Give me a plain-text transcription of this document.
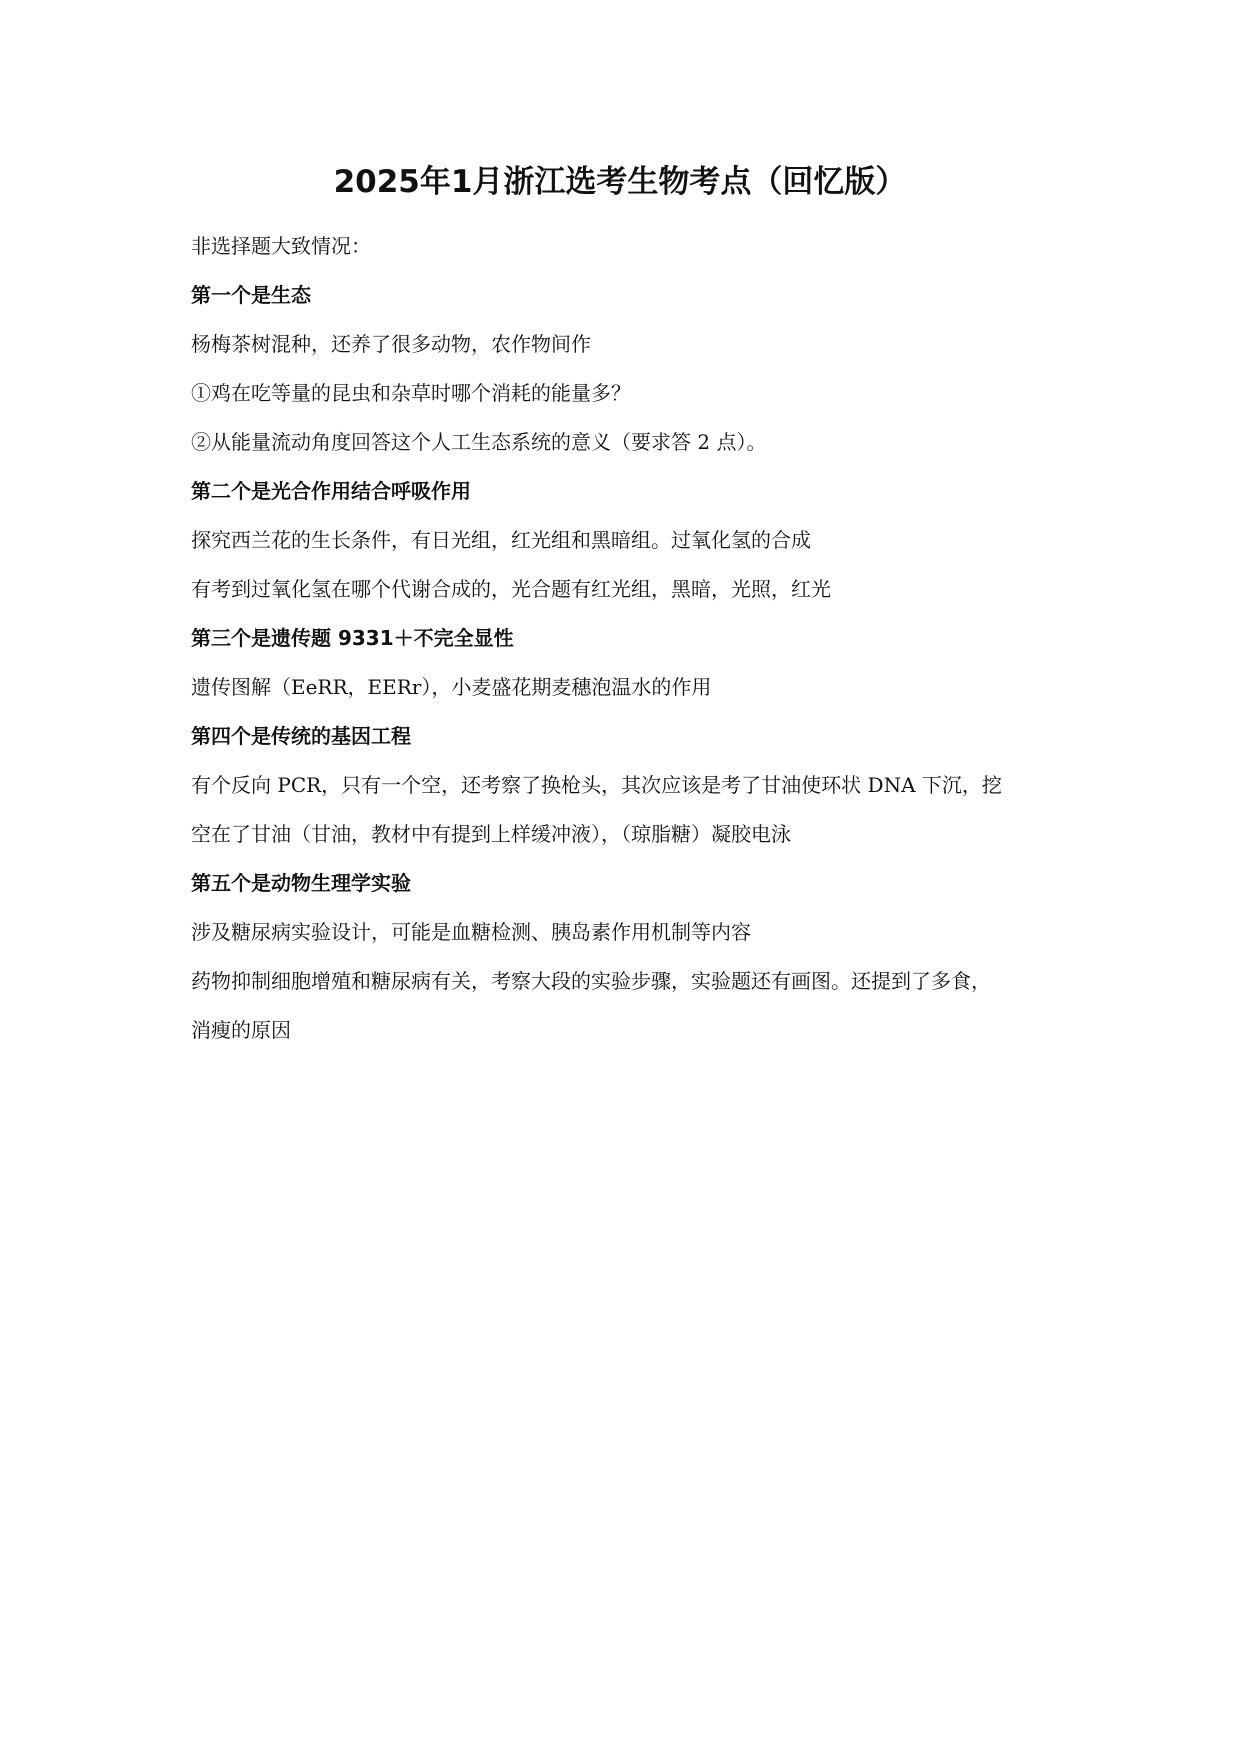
2025年1月浙江选考生物考点（回忆版）

非选择题大致情况：

第一个是生态

杨梅茶树混种，还养了很多动物，农作物间作

①鸡在吃等量的昆虫和杂草时哪个消耗的能量多？

②从能量流动角度回答这个人工生态系统的意义（要求答 2 点）。

第二个是光合作用结合呼吸作用

探究西兰花的生长条件，有日光组，红光组和黑暗组。过氧化氢的合成

有考到过氧化氢在哪个代谢合成的，光合题有红光组，黑暗，光照，红光

第三个是遗传题 9331＋不完全显性

遗传图解（EeRR，EERr），小麦盛花期麦穗泡温水的作用

第四个是传统的基因工程

有个反向 PCR，只有一个空，还考察了换枪头，其次应该是考了甘油使环状 DNA 下沉，挖

空在了甘油（甘油，教材中有提到上样缓冲液），（琼脂糖）凝胶电泳

第五个是动物生理学实验

涉及糖尿病实验设计，可能是血糖检测、胰岛素作用机制等内容

药物抑制细胞增殖和糖尿病有关，考察大段的实验步骤，实验题还有画图。还提到了多食，

消瘦的原因
